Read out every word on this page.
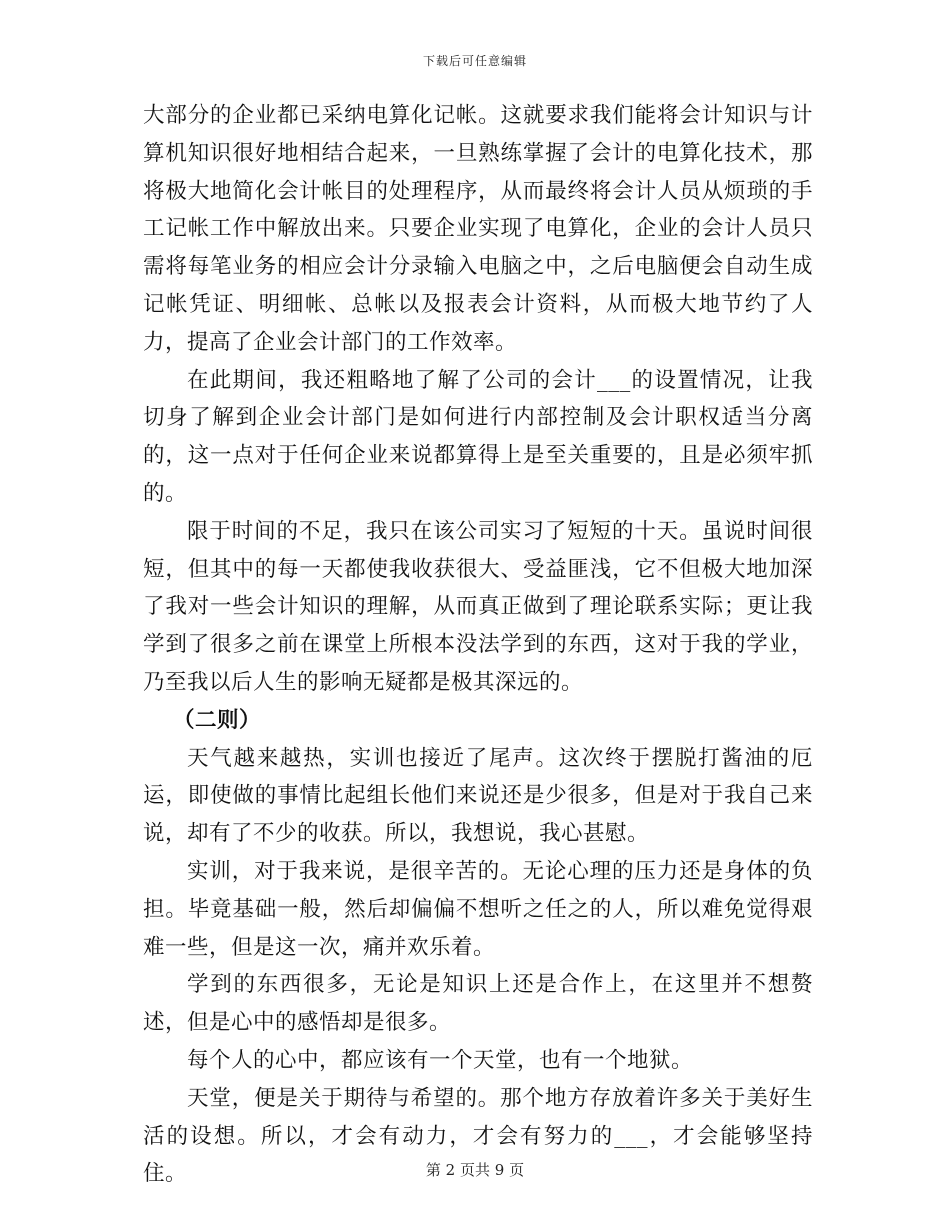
下载后可任意编辑

大部分的企业都已采纳电算化记帐。这就要求我们能将会计知识与计算机知识很好地相结合起来，一旦熟练掌握了会计的电算化技术，那将极大地简化会计帐目的处理程序，从而最终将会计人员从烦琐的手工记帐工作中解放出来。只要企业实现了电算化，企业的会计人员只需将每笔业务的相应会计分录输入电脑之中，之后电脑便会自动生成记帐凭证、明细帐、总帐以及报表会计资料，从而极大地节约了人力，提高了企业会计部门的工作效率。

在此期间，我还粗略地了解了公司的会计___的设置情况，让我切身了解到企业会计部门是如何进行内部控制及会计职权适当分离的，这一点对于任何企业来说都算得上是至关重要的，且是必须牢抓的。

限于时间的不足，我只在该公司实习了短短的十天。虽说时间很短，但其中的每一天都使我收获很大、受益匪浅，它不但极大地加深了我对一些会计知识的理解，从而真正做到了理论联系实际；更让我学到了很多之前在课堂上所根本没法学到的东西，这对于我的学业，乃至我以后人生的影响无疑都是极其深远的。

（二则）

天气越来越热，实训也接近了尾声。这次终于摆脱打酱油的厄运，即使做的事情比起组长他们来说还是少很多，但是对于我自己来说，却有了不少的收获。所以，我想说，我心甚慰。

实训，对于我来说，是很辛苦的。无论心理的压力还是身体的负担。毕竟基础一般，然后却偏偏不想听之任之的人，所以难免觉得艰难一些，但是这一次，痛并欢乐着。

学到的东西很多，无论是知识上还是合作上，在这里并不想赘述，但是心中的感悟却是很多。

每个人的心中，都应该有一个天堂，也有一个地狱。

天堂，便是关于期待与希望的。那个地方存放着许多关于美好生活的设想。所以，才会有动力，才会有努力的___，才会能够坚持住。	第 2 页共 9 页
